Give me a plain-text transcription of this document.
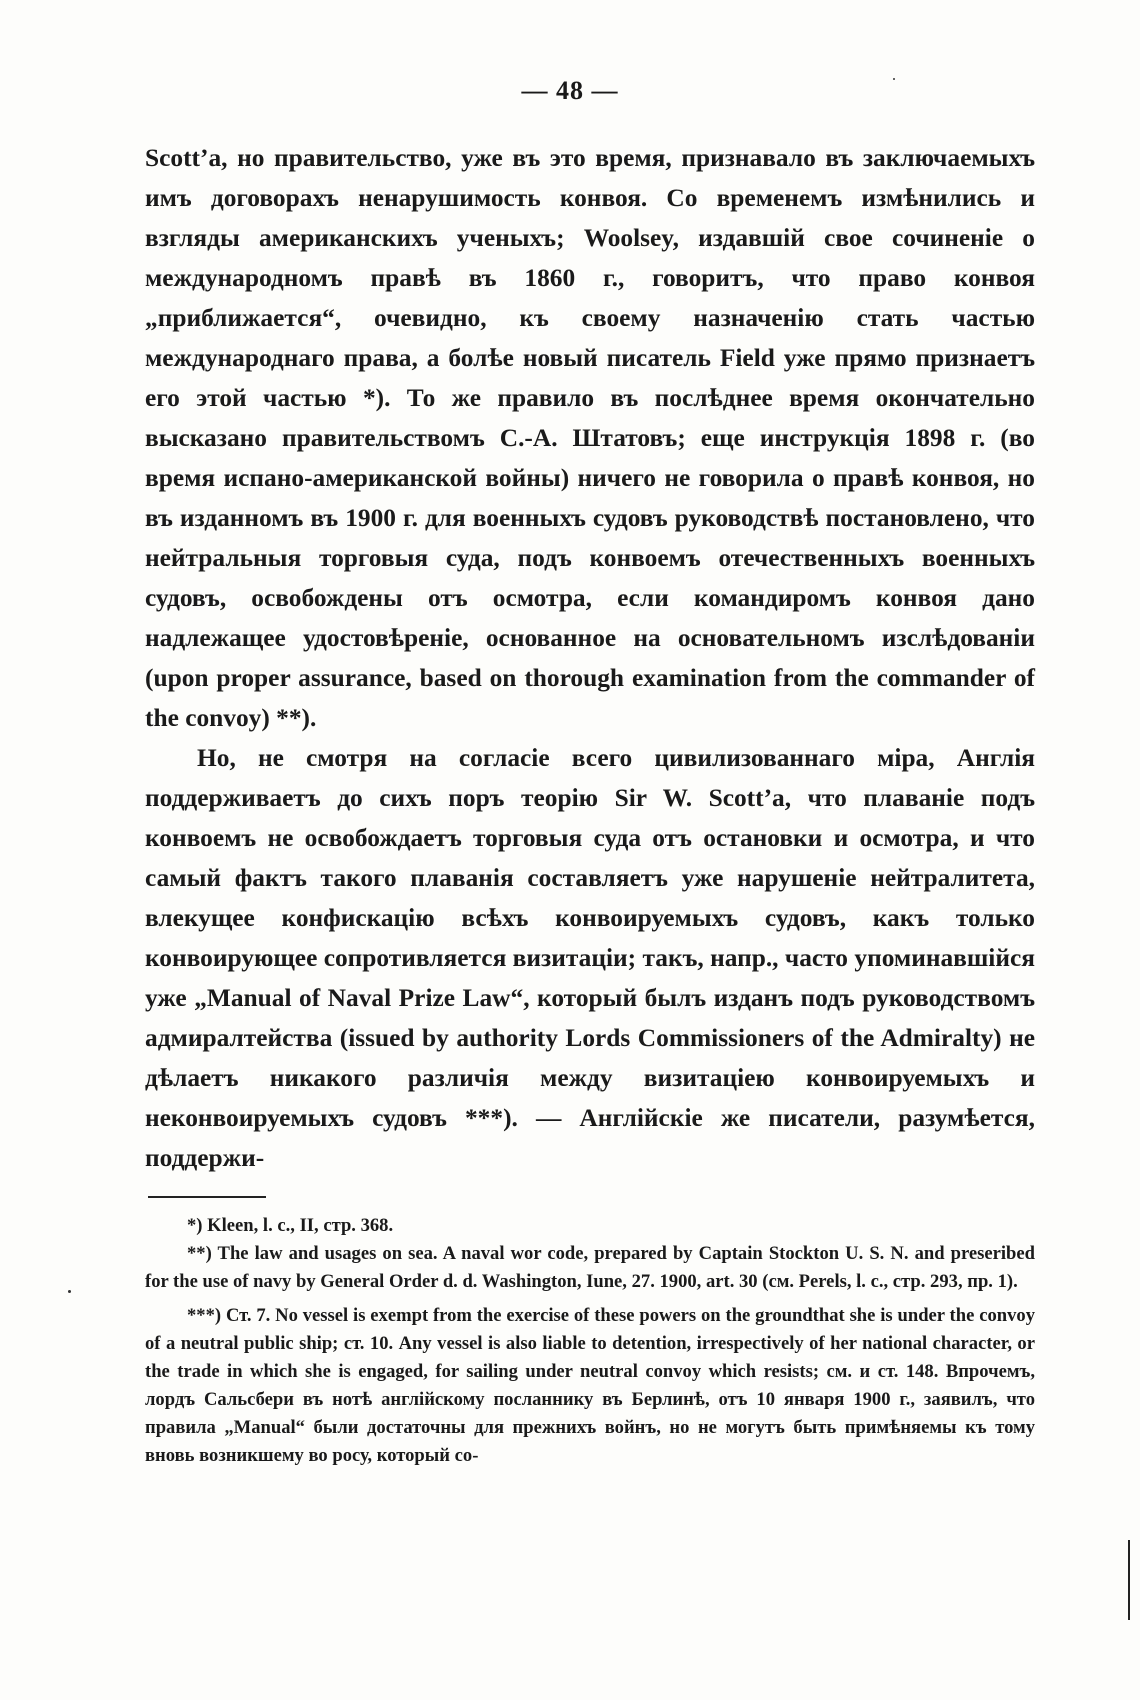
— 48 —

Scott’a, но правительство, уже въ это время, признавало въ заключаемыхъ имъ договорахъ ненарушимость конвоя. Со временемъ измѣнились и взгляды американскихъ ученыхъ; Woolsey, издавшій свое сочиненіе о международномъ правѣ въ 1860 г., говоритъ, что право конвоя „приближается“, очевидно, къ своему назначенію стать частью международнаго права, а болѣе новый писатель Field уже прямо признаетъ его этой частью *). То же правило въ послѣднее время окончательно высказано правительствомъ С.-А. Штатовъ; еще инструкція 1898 г. (во время испано-американской войны) ничего не говорила о правѣ конвоя, но въ изданномъ въ 1900 г. для военныхъ судовъ руководствѣ постановлено, что нейтральныя торговыя суда, подъ конвоемъ отечественныхъ военныхъ судовъ, освобождены отъ осмотра, если командиромъ конвоя дано надлежащее удостовѣреніе, основанное на основательномъ изслѣдованіи (upon proper assurance, based on thorough examination from the commander of the convoy) **).

Но, не смотря на согласіе всего цивилизованнаго міра, Англія поддерживаетъ до сихъ поръ теорію Sir W. Scott’a, что плаваніе подъ конвоемъ не освобождаетъ торговыя суда отъ остановки и осмотра, и что самый фактъ такого плаванія составляетъ уже нарушеніе нейтралитета, влекущее конфискацію всѣхъ конвоируемыхъ судовъ, какъ только конвоирующее сопротивляется визитаціи; такъ, напр., часто упоминавшійся уже „Manual of Naval Prize Law“, который былъ изданъ подъ руководствомъ адмиралтейства (issued by authority Lords Commissioners of the Admiralty) не дѣлаетъ никакого различія между визитаціею конвоируемыхъ и неконвоируемыхъ судовъ ***). — Англійскіе же писатели, разумѣется, поддержи-

*) Kleen, l. c., II, стр. 368.

**) The law and usages on sea. A naval wor code, prepared by Captain Stockton U. S. N. and preseribed for the use of navy by General Order d. d. Washington, Iune, 27. 1900, art. 30 (см. Perels, l. c., стр. 293, пр. 1).

***) Ст. 7. No vessel is exempt from the exercise of these powers on the groundthat she is under the convoy of a neutral public ship; ст. 10. Any vessel is also liable to detention, irrespectively of her national character, or the trade in which she is engaged, for sailing under neutral convoy which resists; см. и ст. 148. Впрочемъ, лордъ Сальсбери въ нотѣ англійскому посланнику въ Берлинѣ, отъ 10 января 1900 г., заявилъ, что правила „Manual“ были достаточны для прежнихъ войнъ, но не могутъ быть примѣняемы къ тому вновь возникшему во росу, который со-
